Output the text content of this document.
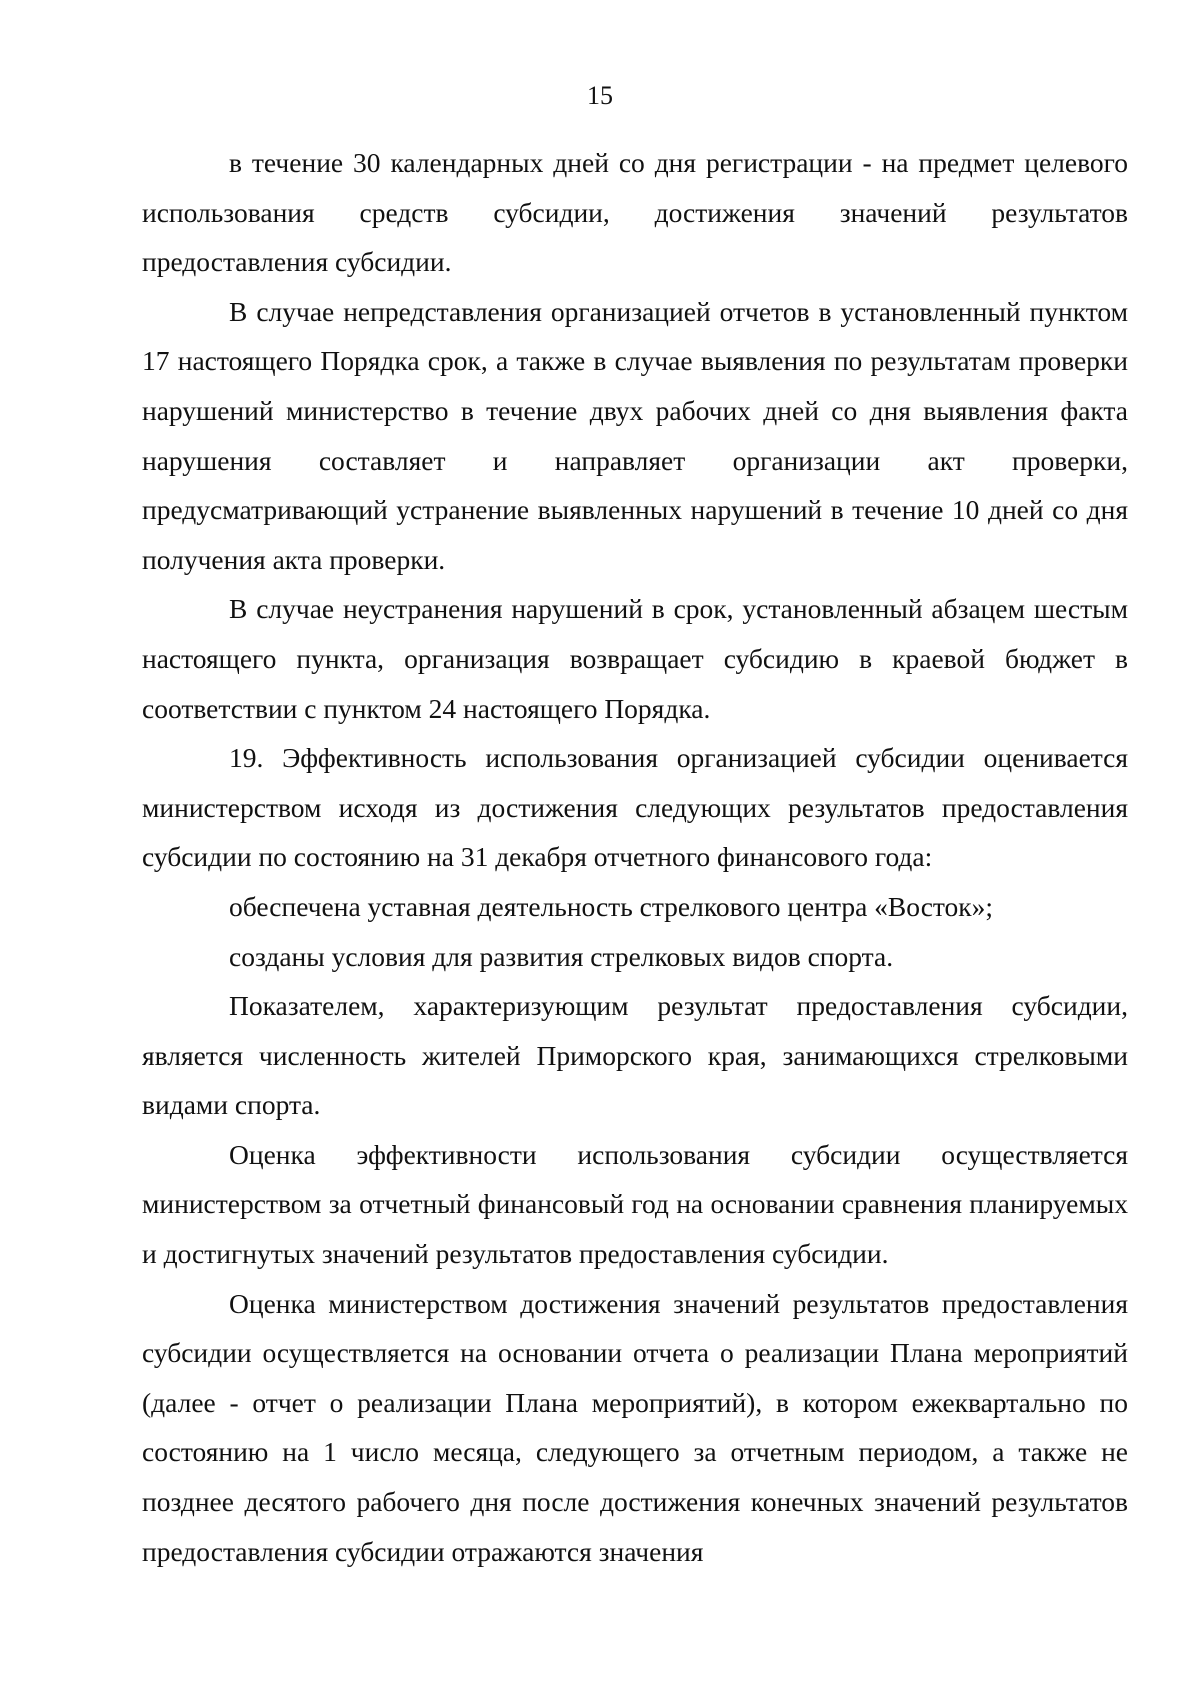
15

в течение 30 календарных дней со дня регистрации - на предмет целевого использования средств субсидии, достижения значений результатов предоставления субсидии.

В случае непредставления организацией отчетов в установленный пунктом 17 настоящего Порядка срок, а также в случае выявления по результатам проверки нарушений министерство в течение двух рабочих дней со дня выявления факта нарушения составляет и направляет организации акт проверки, предусматривающий устранение выявленных нарушений в течение 10 дней со дня получения акта проверки.

В случае неустранения нарушений в срок, установленный абзацем шестым настоящего пункта, организация возвращает субсидию в краевой бюджет в соответствии с пунктом 24 настоящего Порядка.

19. Эффективность использования организацией субсидии оценивается министерством исходя из достижения следующих результатов предоставления субсидии по состоянию на 31 декабря отчетного финансового года:

обеспечена уставная деятельность стрелкового центра «Восток»;

созданы условия для развития стрелковых видов спорта.

Показателем, характеризующим результат предоставления субсидии, является численность жителей Приморского края, занимающихся стрелковыми видами спорта.

Оценка эффективности использования субсидии осуществляется министерством за отчетный финансовый год на основании сравнения планируемых и достигнутых значений результатов предоставления субсидии.

Оценка министерством достижения значений результатов предоставления субсидии осуществляется на основании отчета о реализации Плана мероприятий (далее - отчет о реализации Плана мероприятий), в котором ежеквартально по состоянию на 1 число месяца, следующего за отчетным периодом, а также не позднее десятого рабочего дня после достижения конечных значений результатов предоставления субсидии отражаются значения
